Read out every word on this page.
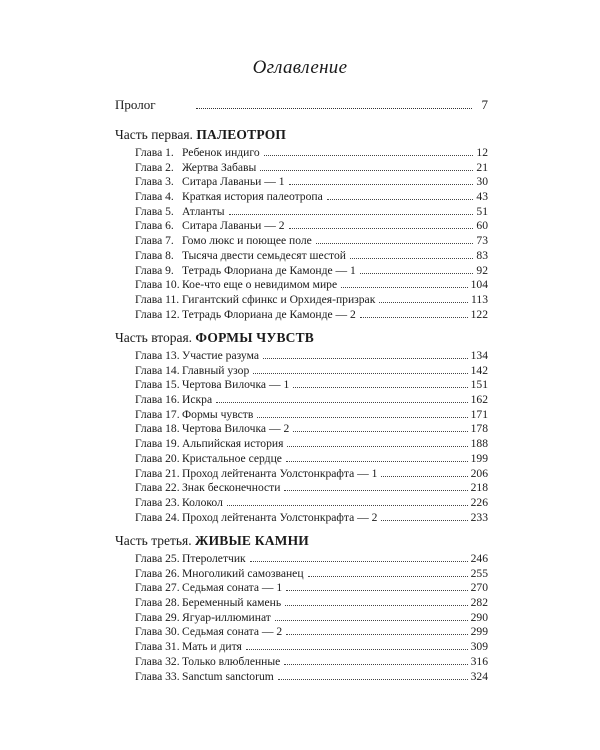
Оглавление
Пролог	7
Часть первая. ПАЛЕОТРОП
Глава 1. Ребенок индиго	12
Глава 2. Жертва Забавы	21
Глава 3. Ситара Лаваньи — 1	30
Глава 4. Краткая история палеотропа	43
Глава 5. Атланты	51
Глава 6. Ситара Лаваньи — 2	60
Глава 7. Гомо люкс и поющее поле	73
Глава 8. Тысяча двести семьдесят шестой	83
Глава 9. Тетрадь Флориана де Камонде — 1	92
Глава 10. Кое-что еще о невидимом мире	104
Глава 11. Гигантский сфинкс и Орхидея-призрак	113
Глава 12. Тетрадь Флориана де Камонде — 2	122
Часть вторая. ФОРМЫ ЧУВСТВ
Глава 13. Участие разума	134
Глава 14. Главный узор	142
Глава 15. Чертова Вилочка — 1	151
Глава 16. Искра	162
Глава 17. Формы чувств	171
Глава 18. Чертова Вилочка — 2	178
Глава 19. Альпийская история	188
Глава 20. Кристальное сердце	199
Глава 21. Проход лейтенанта Уолстонкрафта — 1	206
Глава 22. Знак бесконечности	218
Глава 23. Колокол	226
Глава 24. Проход лейтенанта Уолстонкрафта — 2	233
Часть третья. ЖИВЫЕ КАМНИ
Глава 25. Птеролетчик	246
Глава 26. Многоликий самозванец	255
Глава 27. Седьмая соната — 1	270
Глава 28. Беременный камень	282
Глава 29. Ягуар-иллюминат	290
Глава 30. Седьмая соната — 2	299
Глава 31. Мать и дитя	309
Глава 32. Только влюбленные	316
Глава 33. Sanctum sanctorum	324
